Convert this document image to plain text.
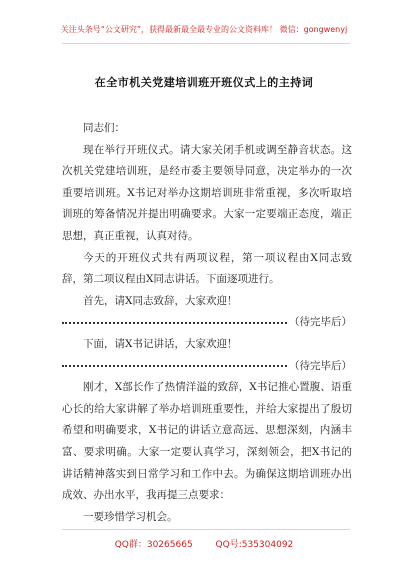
关注头条号“公文研究”，获得最新最全最专业的公文资料库！ 微信：gongwenyj
在全市机关党建培训班开班仪式上的主持词

同志们：

现在举行开班仪式。请大家关闭手机或调至静音状态。这次机关党建培训班，是经市委主要领导同意，决定举办的一次重要培训班。X书记对举办这期培训班非常重视，多次听取培训班的筹备情况并提出明确要求。大家一定要端正态度，端正思想，真正重视，认真对待。

今天的开班仪式共有两项议程，第一项议程由X同志致辞，第二项议程由X同志讲话。下面逐项进行。

首先，请X同志致辞，大家欢迎！

（待完毕后）

下面，请X书记讲话，大家欢迎！

（待完毕后）

刚才，X部长作了热情洋溢的致辞，X书记推心置腹、语重心长的给大家讲解了举办培训班重要性，并给大家提出了殷切希望和明确要求，X书记的讲话立意高远、思想深刻，内涵丰富、要求明确。大家一定要认真学习，深刻领会，把X书记的讲话精神落实到日常学习和工作中去。为确保这期培训班办出成效、办出水平，我再提三点要求：

一要珍惜学习机会。

QQ群：30265665	QQ号:535304092
